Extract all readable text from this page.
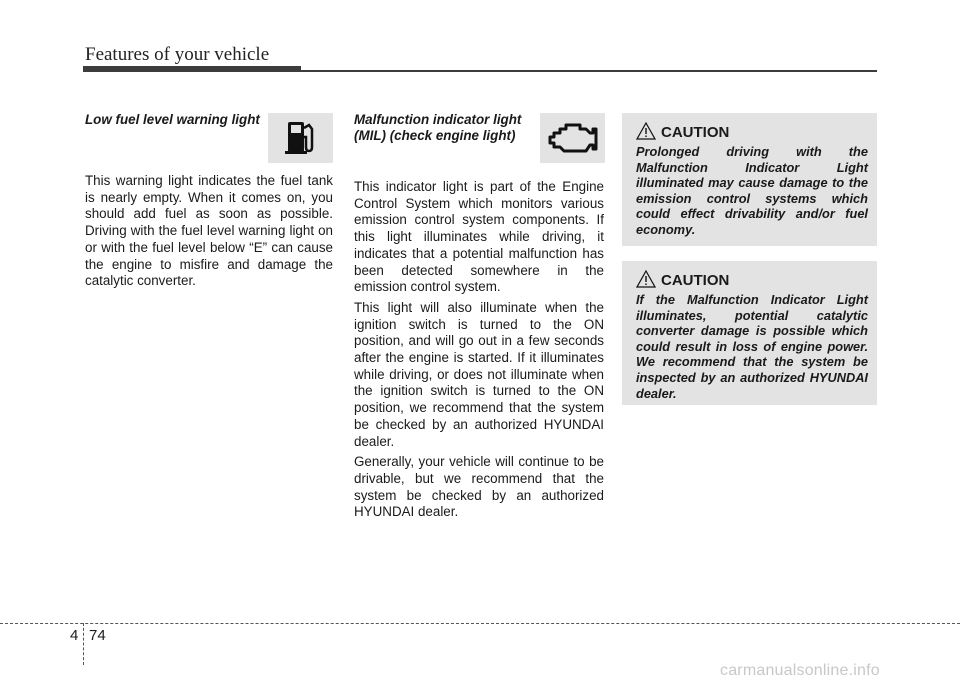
Features of your vehicle
Low fuel level warning light

This warning light indicates the fuel tank is nearly empty. When it comes on, you should add fuel as soon as possible. Driving with the fuel level warning light on or with the fuel level below “E” can cause the engine to misfire and damage the catalytic converter.

Malfunction indicator light (MIL) (check engine light)

This indicator light is part of the Engine Control System which monitors various emission control system components. If this light illuminates while driving, it indicates that a potential malfunction has been detected somewhere in the emission control system.

This light will also illuminate when the ignition switch is turned to the ON position, and will go out in a few seconds after the engine is started. If it illuminates while driving, or does not illuminate when the ignition switch is turned to the ON position, we recommend that the system be checked by an authorized HYUNDAI dealer.

Generally, your vehicle will continue to be drivable, but we recommend that the system be checked by an authorized HYUNDAI dealer.

CAUTION
Prolonged driving with the Malfunction Indicator Light illuminated may cause damage to the emission control systems which could effect drivability and/or fuel economy.
CAUTION
If the Malfunction Indicator Light illuminates, potential catalytic converter damage is possible which could result in loss of engine power. We recommend that the system be inspected by an authorized HYUNDAI dealer.
4 74
carmanualsonline.info
